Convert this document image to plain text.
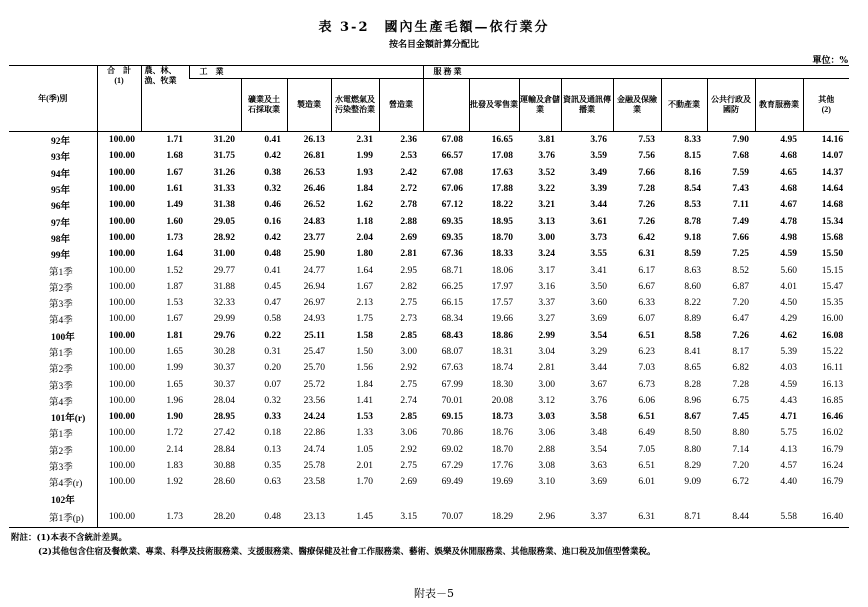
表 3-2　國內生產毛額—依行業分
按名目金額計算分配比
單位：%
年(季)別	合　計
(1)	農、林、漁、牧業	工　業					服 務 業								
				礦業及土　石採取業	製造業	水電燃氣及污染整治業	營造業		批發及零售業	運輸及倉儲業	資訊及通訊傳播業	金融及保險業	不動產業	公共行政及國防	教育服務業	其他
(2)

92年	100.00	1.71	31.20	0.41	26.13	2.31	2.36	67.08	16.65	3.81	3.76	7.53	8.33	7.90	4.95	14.16
93年	100.00	1.68	31.75	0.42	26.81	1.99	2.53	66.57	17.08	3.76	3.59	7.56	8.15	7.68	4.68	14.07
94年	100.00	1.67	31.26	0.38	26.53	1.93	2.42	67.08	17.63	3.52	3.49	7.66	8.16	7.59	4.65	14.37
95年	100.00	1.61	31.33	0.32	26.46	1.84	2.72	67.06	17.88	3.22	3.39	7.28	8.54	7.43	4.68	14.64
96年	100.00	1.49	31.38	0.46	26.52	1.62	2.78	67.12	18.22	3.21	3.44	7.26	8.53	7.11	4.67	14.68
97年	100.00	1.60	29.05	0.16	24.83	1.18	2.88	69.35	18.95	3.13	3.61	7.26	8.78	7.49	4.78	15.34
98年	100.00	1.73	28.92	0.42	23.77	2.04	2.69	69.35	18.70	3.00	3.73	6.42	9.18	7.66	4.98	15.68
99年	100.00	1.64	31.00	0.48	25.90	1.80	2.81	67.36	18.33	3.24	3.55	6.31	8.59	7.25	4.59	15.50
第1季	100.00	1.52	29.77	0.41	24.77	1.64	2.95	68.71	18.06	3.17	3.41	6.17	8.63	8.52	5.60	15.15
第2季	100.00	1.87	31.88	0.45	26.94	1.67	2.82	66.25	17.97	3.16	3.50	6.67	8.60	6.87	4.01	15.47
第3季	100.00	1.53	32.33	0.47	26.97	2.13	2.75	66.15	17.57	3.37	3.60	6.33	8.22	7.20	4.50	15.35
第4季	100.00	1.67	29.99	0.58	24.93	1.75	2.73	68.34	19.66	3.27	3.69	6.07	8.89	6.47	4.29	16.00
100年	100.00	1.81	29.76	0.22	25.11	1.58	2.85	68.43	18.86	2.99	3.54	6.51	8.58	7.26	4.62	16.08
第1季	100.00	1.65	30.28	0.31	25.47	1.50	3.00	68.07	18.31	3.04	3.29	6.23	8.41	8.17	5.39	15.22
第2季	100.00	1.99	30.37	0.20	25.70	1.56	2.92	67.63	18.74	2.81	3.44	7.03	8.65	6.82	4.03	16.11
第3季	100.00	1.65	30.37	0.07	25.72	1.84	2.75	67.99	18.30	3.00	3.67	6.73	8.28	7.28	4.59	16.13
第4季	100.00	1.96	28.04	0.32	23.56	1.41	2.74	70.01	20.08	3.12	3.76	6.06	8.96	6.75	4.43	16.85
101年(r)	100.00	1.90	28.95	0.33	24.24	1.53	2.85	69.15	18.73	3.03	3.58	6.51	8.67	7.45	4.71	16.46
第1季	100.00	1.72	27.42	0.18	22.86	1.33	3.06	70.86	18.76	3.06	3.48	6.49	8.50	8.80	5.75	16.02
第2季	100.00	2.14	28.84	0.13	24.74	1.05	2.92	69.02	18.70	2.88	3.54	7.05	8.80	7.14	4.13	16.79
第3季	100.00	1.83	30.88	0.35	25.78	2.01	2.75	67.29	17.76	3.08	3.63	6.51	8.29	7.20	4.57	16.24
第4季(r)	100.00	1.92	28.60	0.63	23.58	1.70	2.69	69.49	19.69	3.10	3.69	6.01	9.09	6.72	4.40	16.79
102年																
第1季(p)	100.00	1.73	28.20	0.48	23.13	1.45	3.15	70.07	18.29	2.96	3.37	6.31	8.71	8.44	5.58	16.40
附註：(1)本表不含統計差異。
(2)其他包含住宿及餐飲業、專業、科學及技術服務業、支援服務業、醫療保健及社會工作服務業、藝術、娛樂及休閒服務業、其他服務業、進口稅及加值型營業稅。
附表－5
